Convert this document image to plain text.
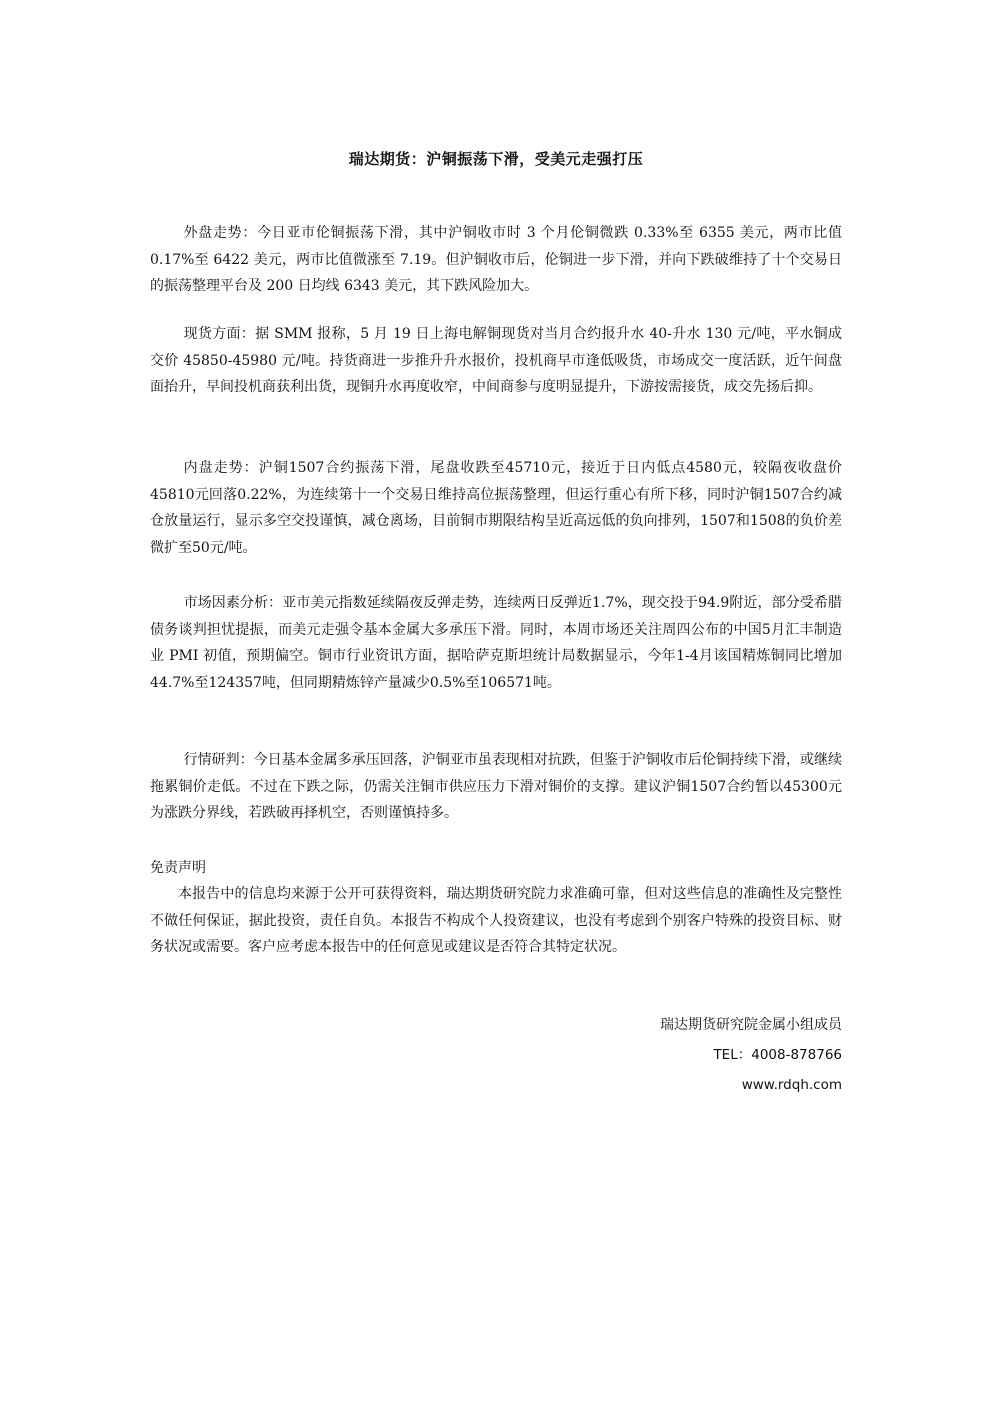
瑞达期货：沪铜振荡下滑，受美元走强打压

外盘走势：今日亚市伦铜振荡下滑，其中沪铜收市时 3 个月伦铜微跌 0.33%至 6355 美元，两市比值 0.17%至 6422 美元，两市比值微涨至 7.19。但沪铜收市后，伦铜进一步下滑，并向下跌破维持了十个交易日的振荡整理平台及 200 日均线 6343 美元，其下跌风险加大。

现货方面：据 SMM 报称，5 月 19 日上海电解铜现货对当月合约报升水 40-升水 130 元/吨，平水铜成交价 45850-45980 元/吨。持货商进一步推升升水报价，投机商早市逢低吸货，市场成交一度活跃，近午间盘面抬升，早间投机商获利出货，现铜升水再度收窄，中间商参与度明显提升，下游按需接货，成交先扬后抑。

内盘走势：沪铜1507合约振荡下滑，尾盘收跌至45710元，接近于日内低点4580元，较隔夜收盘价45810元回落0.22%，为连续第十一个交易日维持高位振荡整理，但运行重心有所下移，同时沪铜1507合约减仓放量运行，显示多空交投谨慎，减仓离场，目前铜市期限结构呈近高远低的负向排列，1507和1508的负价差微扩至50元/吨。

市场因素分析：亚市美元指数延续隔夜反弹走势，连续两日反弹近1.7%，现交投于94.9附近，部分受希腊债务谈判担忧提振，而美元走强令基本金属大多承压下滑。同时，本周市场还关注周四公布的中国5月汇丰制造业 PMI 初值，预期偏空。铜市行业资讯方面，据哈萨克斯坦统计局数据显示，今年1-4月该国精炼铜同比增加44.7%至124357吨，但同期精炼锌产量减少0.5%至106571吨。

行情研判：今日基本金属多承压回落，沪铜亚市虽表现相对抗跌，但鉴于沪铜收市后伦铜持续下滑，或继续拖累铜价走低。不过在下跌之际，仍需关注铜市供应压力下滑对铜价的支撑。建议沪铜1507合约暂以45300元为涨跌分界线，若跌破再择机空，否则谨慎持多。

免责声明

本报告中的信息均来源于公开可获得资料，瑞达期货研究院力求准确可靠，但对这些信息的准确性及完整性不做任何保证，据此投资，责任自负。本报告不构成个人投资建议，也没有考虑到个别客户特殊的投资目标、财务状况或需要。客户应考虑本报告中的任何意见或建议是否符合其特定状况。

瑞达期货研究院金属小组成员
TEL：4008-878766
www.rdqh.com
